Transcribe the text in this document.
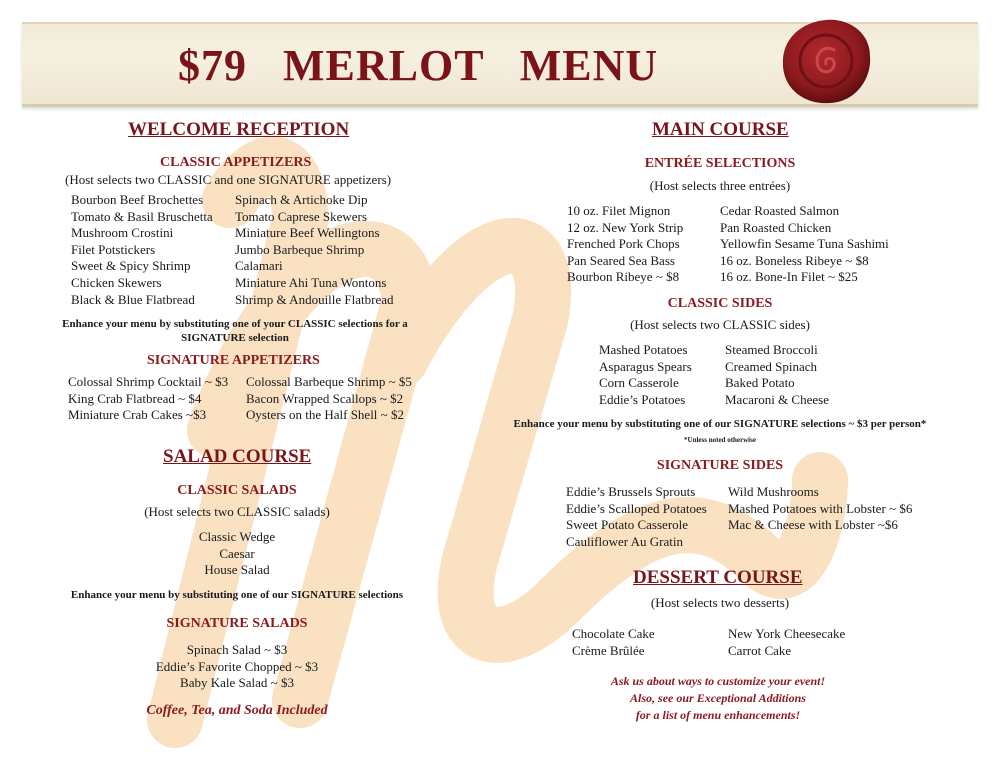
$79   MERLOT   MENU
WELCOME RECEPTION
CLASSIC APPETIZERS
(Host selects two CLASSIC and one SIGNATURE appetizers)
Bourbon Beef Brochettes
Tomato & Basil Bruschetta
Mushroom Crostini
Filet Potstickers
Sweet & Spicy Shrimp
Chicken Skewers
Black & Blue Flatbread
Spinach & Artichoke Dip
Tomato Caprese Skewers
Miniature Beef Wellingtons
Jumbo Barbeque Shrimp
Calamari
Miniature Ahi Tuna Wontons
Shrimp & Andouille Flatbread
Enhance your menu by substituting one of your CLASSIC selections for a
SIGNATURE selection
SIGNATURE APPETIZERS
Colossal Shrimp Cocktail ~ $3
King Crab Flatbread ~ $4
Miniature Crab Cakes ~$3
Colossal Barbeque Shrimp ~ $5
Bacon Wrapped Scallops ~ $2
Oysters on the Half Shell ~ $2
SALAD COURSE
CLASSIC SALADS
(Host selects two CLASSIC salads)
Classic Wedge
Caesar
House Salad
Enhance your menu by substituting one of our SIGNATURE selections
SIGNATURE SALADS
Spinach Salad ~ $3
Eddie’s Favorite Chopped ~ $3
Baby Kale Salad ~ $3
Coffee, Tea, and Soda Included
MAIN COURSE
ENTRÉE SELECTIONS
(Host selects three entrées)
10 oz. Filet Mignon
12 oz. New York Strip
Frenched Pork Chops
Pan Seared Sea Bass
Bourbon Ribeye ~ $8
Cedar Roasted Salmon
Pan Roasted Chicken
Yellowfin Sesame Tuna Sashimi
16 oz. Boneless Ribeye ~ $8
16 oz. Bone-In Filet ~ $25
CLASSIC SIDES
(Host selects two CLASSIC sides)
Mashed Potatoes
Asparagus Spears
Corn Casserole
Eddie’s Potatoes
Steamed Broccoli
Creamed Spinach
Baked Potato
Macaroni & Cheese
Enhance your menu by substituting one of our SIGNATURE selections ~ $3 per person*
*Unless noted otherwise
SIGNATURE SIDES
Eddie’s Brussels Sprouts
Eddie’s Scalloped Potatoes
Sweet Potato Casserole
Cauliflower Au Gratin
Wild Mushrooms
Mashed Potatoes with Lobster ~ $6
Mac & Cheese with Lobster ~$6
DESSERT COURSE
(Host selects two desserts)
Chocolate Cake
Crème Brûlée
New York Cheesecake
Carrot Cake
Ask us about ways to customize your event!
Also, see our Exceptional Additions
for a list of menu enhancements!
